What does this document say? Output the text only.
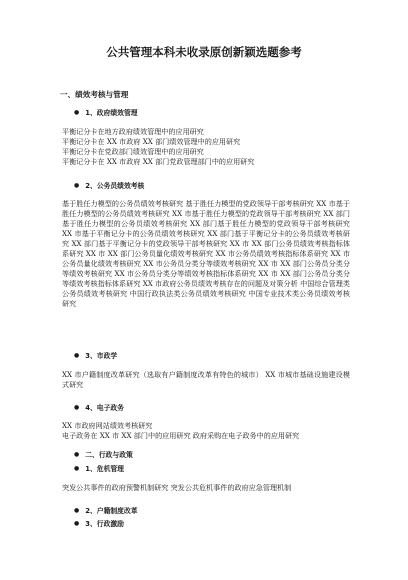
公共管理本科未收录原创新颖选题参考
一、绩效考核与管理
● 1、政府绩效管理
平衡记分卡在地方政府绩效管理中的应用研究
平衡记分卡在 XX 市政府 XX 部门绩效管理中的应用研究
平衡记分卡在党政部门绩效管理中的应用研究
平衡记分卡在 XX 市政府 XX 部门党政管理部门中的应用研究
● 2、公务员绩效考核

基于胜任力模型的公务员绩效考核研究 基于胜任力模型的党政领导干部考核研究 XX 市基于胜任力模型的公务员绩效考核研究 XX 市基于胜任力模型的党政领导干部考核研究 XX 部门基于胜任力模型的公务员绩效考核研究 XX 部门基于胜任力模型的党政领导干部考核研究 XX 市基于平衡记分卡的公务员绩效考核研究 XX 部门基于平衡记分卡的公务员绩效考核研究 XX 部门基于平衡记分卡的党政领导干部考核研究 XX 市 XX 部门公务员绩效考核指标体系研究 XX 市 XX 部门公务员量化绩效考核研究 XX 市公务员绩效考核指标体系研究 XX 市公务员量化绩效考核研究 XX 市公务员分类分等绩效考核研究 XX 市 XX 部门公务员分类分等绩效考核研究 XX 市公务员分类分等绩效考核指标体系研究 XX 市 XX 部门公务员分类分等绩效考核指标体系研究 XX 市政府公务员绩效考核存在的问题及对策分析 中国综合管理类公务员绩效考核研究 中国行政执法类公务员绩效考核研究 中国专业技术类公务员绩效考核研究

● 3、市政学

XX 市户籍制度改革研究（选取有户籍制度改革有特色的城市） XX 市城市基础设施建设模式研究

● 4、电子政务
XX 市政府网站绩效考核研究
电子政务在 XX 市 XX 部门中的应用研究 政府采购在电子政务中的应用研究
● 二、行政与政策
● 1、危机管理
突发公共事件的政府预警机制研究 突发公共危机事件的政府应急管理机制
● 2、户籍制度改革
● 3、行政激励
